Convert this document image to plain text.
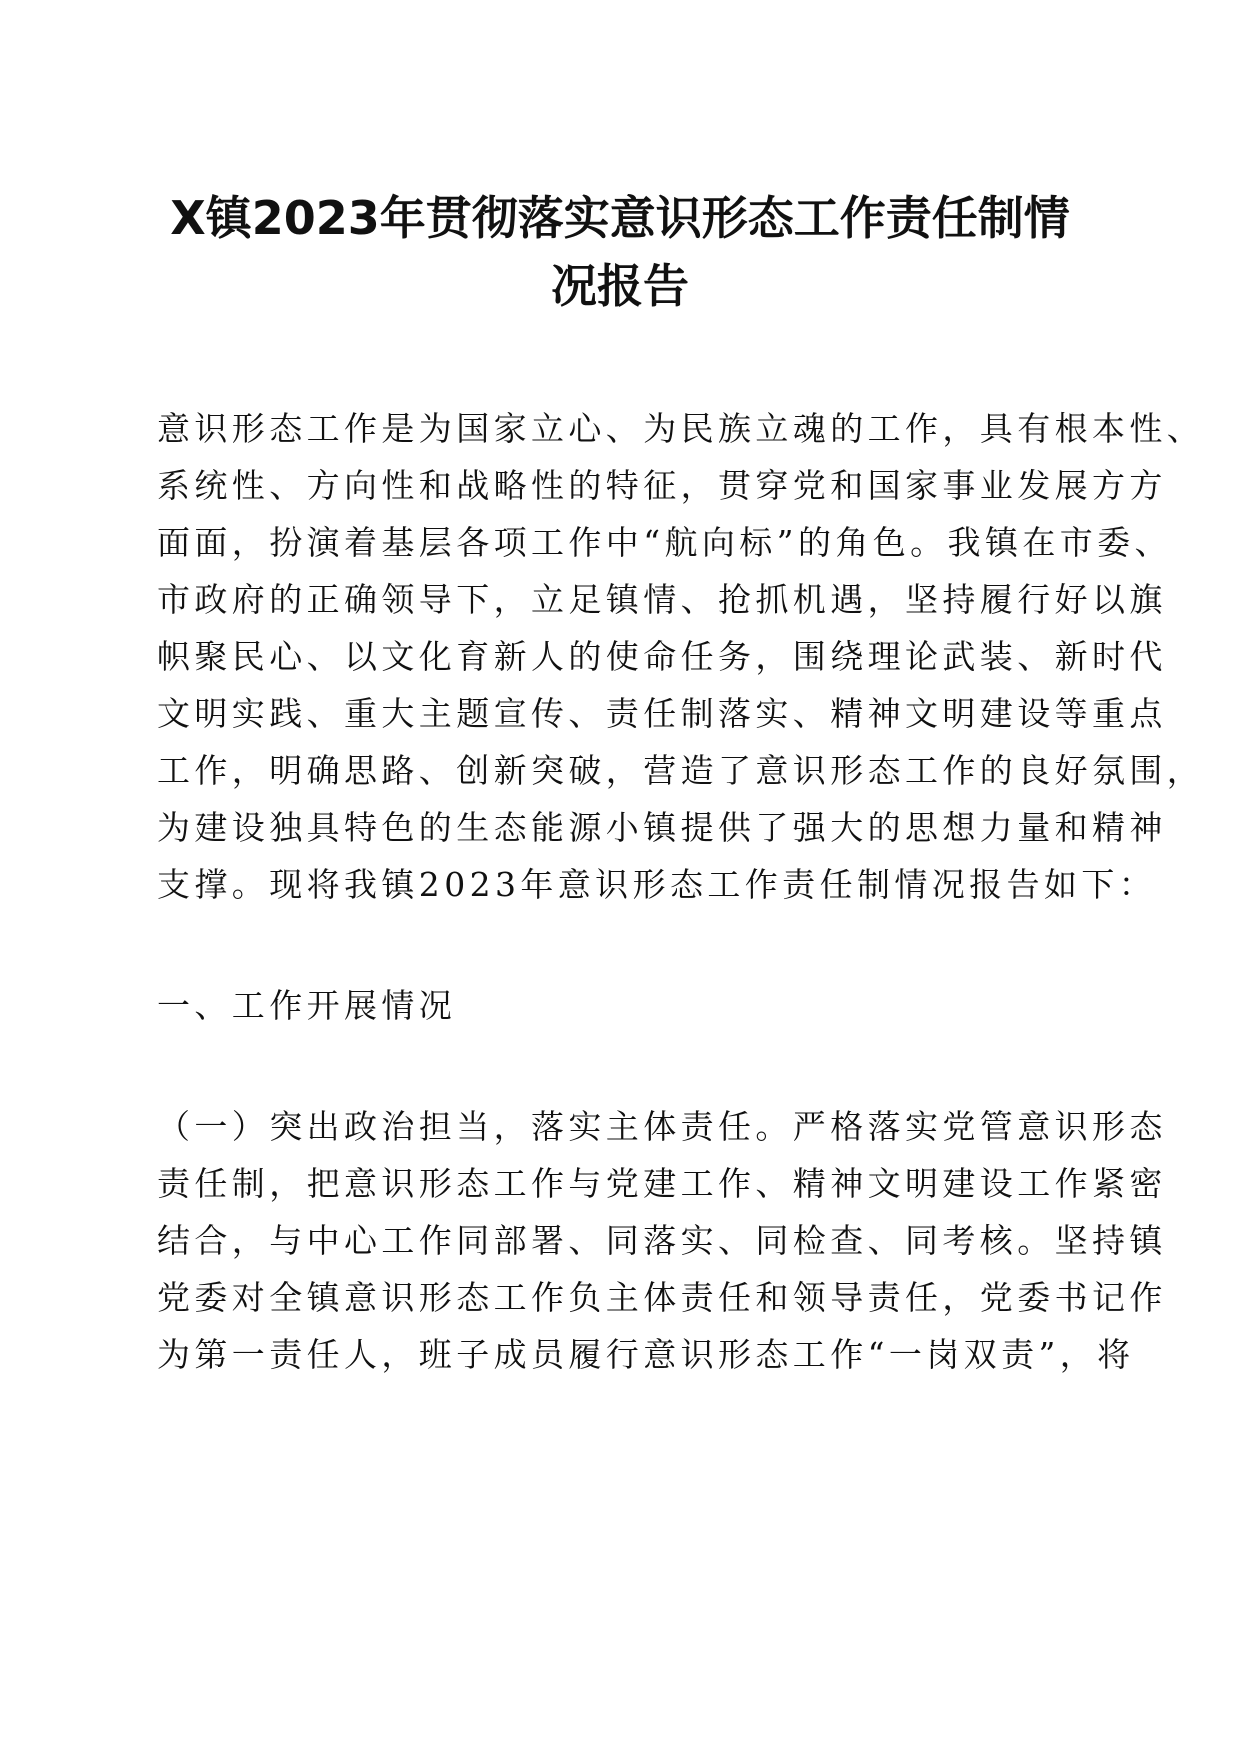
X镇2023年贯彻落实意识形态工作责任制情
况报告

意识形态工作是为国家立心、为民族立魂的工作，具有根本性、

系统性、方向性和战略性的特征，贯穿党和国家事业发展方方

面面，扮演着基层各项工作中“航向标”的角色。我镇在市委、

市政府的正确领导下，立足镇情、抢抓机遇，坚持履行好以旗

帜聚民心、以文化育新人的使命任务，围绕理论武装、新时代

文明实践、重大主题宣传、责任制落实、精神文明建设等重点

工作，明确思路、创新突破，营造了意识形态工作的良好氛围，

为建设独具特色的生态能源小镇提供了强大的思想力量和精神

支撑。现将我镇2023年意识形态工作责任制情况报告如下：

一、工作开展情况

（一）突出政治担当，落实主体责任。严格落实党管意识形态

责任制，把意识形态工作与党建工作、精神文明建设工作紧密

结合，与中心工作同部署、同落实、同检查、同考核。坚持镇

党委对全镇意识形态工作负主体责任和领导责任，党委书记作

为第一责任人，班子成员履行意识形态工作“一岗双责”，将
